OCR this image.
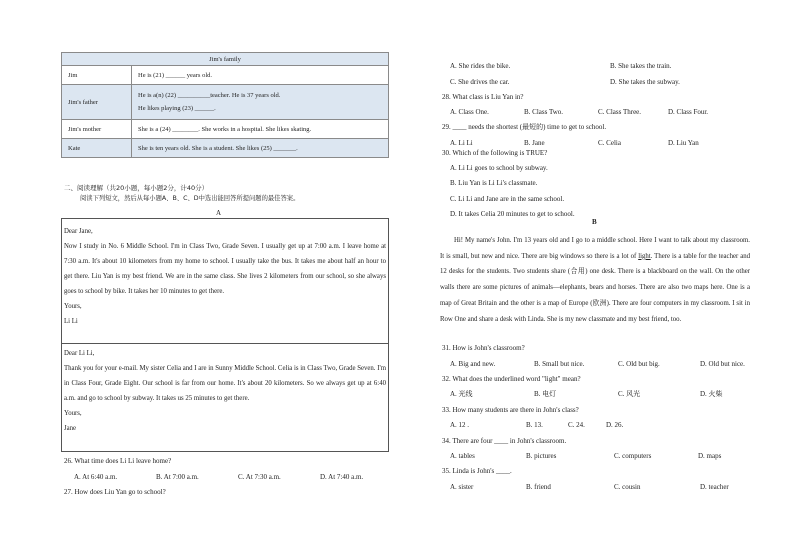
Jim's family	
Jim	He is (21) ______ years old.
Jim's father	He is a(n) (22) __________teacher. He is 37 years old.
He likes playing (23) ______.

Jim's mother	She is a (24) ________. She works in a hospital. She likes skating.
Kate	She is ten years old. She is a student. She likes (25) _______.
二、阅读理解（共20小题，每小题2分，计40分）
阅读下列短文，然后从每小题A、B、C、D中选出能回答所提问题的最佳答案。
A
Dear Jane,
Now I study in No. 6 Middle School. I'm in Class Two, Grade Seven. I usually get up at 7:00 a.m. I leave home at 7:30 a.m. It's about 10 kilometers from my home to school. I usually take the bus. It takes me about half an hour to get there. Liu Yan is my best friend. We are in the same class. She lives 2 kilometers from our school, so she always goes to school by bike. It takes her 10 minutes to get there.
Yours,
Li Li
Dear Li Li,
Thank you for your e-mail. My sister Celia and I are in Sunny Middle School. Celia is in Class Two, Grade Seven. I'm in Class Four, Grade Eight. Our school is far from our home. It's about 20 kilometers. So we always get up at 6:40 a.m. and go to school by subway. It takes us 25 minutes to get there.
Yours,
Jane
26. What time does Li Li leave home?
A. At 6:40 a.m.	B. At 7:00 a.m.	C. At 7:30 a.m.	D. At 7:40 a.m.
27. How does Liu Yan go to school?
A. She rides the bike.	B. She takes the train.
C. She drives the car.	D. She takes the subway.
28. What class is Liu Yan in?
A. Class One.	B. Class Two.	C. Class Three.	D. Class Four.
29. ____ needs the shortest (最短的) time to get to school.
A. Li Li	B. Jane	C. Celia	D. Liu Yan
30. Which of the following is TRUE?
A. Li Li goes to school by subway.
B. Liu Yan is Li Li's classmate.
C. Li Li and Jane are in the same school.
D. It takes Celia 20 minutes to get to school.
B
Hi! My name's John. I'm 13 years old and I go to a middle school. Here I want to talk about my classroom. It is small, but new and nice. There are big windows so there is a lot of light. There is a table for the teacher and 12 desks for the students. Two students share (合用) one desk. There is a blackboard on the wall. On the other walls there are some pictures of animals—elephants, bears and horses. There are also two maps here. One is a map of Great Britain and the other is a map of Europe (欧洲). There are four computers in my classroom. I sit in Row One and share a desk with Linda. She is my new classmate and my best friend, too.
31. How is John's classroom?
A. Big and new.	B. Small but nice.	C. Old but big.	D. Old but nice.
32. What does the underlined word "light" mean?
A. 光线	B. 电灯	C. 风光	D. 火柴
33. How many students are there in John's class?
A. 12 .	B. 13.	C. 24.	D. 26.
34. There are four ____ in John's classroom.
A. tables	B. pictures	C. computers	D. maps
35. Linda is John's ____.
A. sister	B. friend	C. cousin	D. teacher
